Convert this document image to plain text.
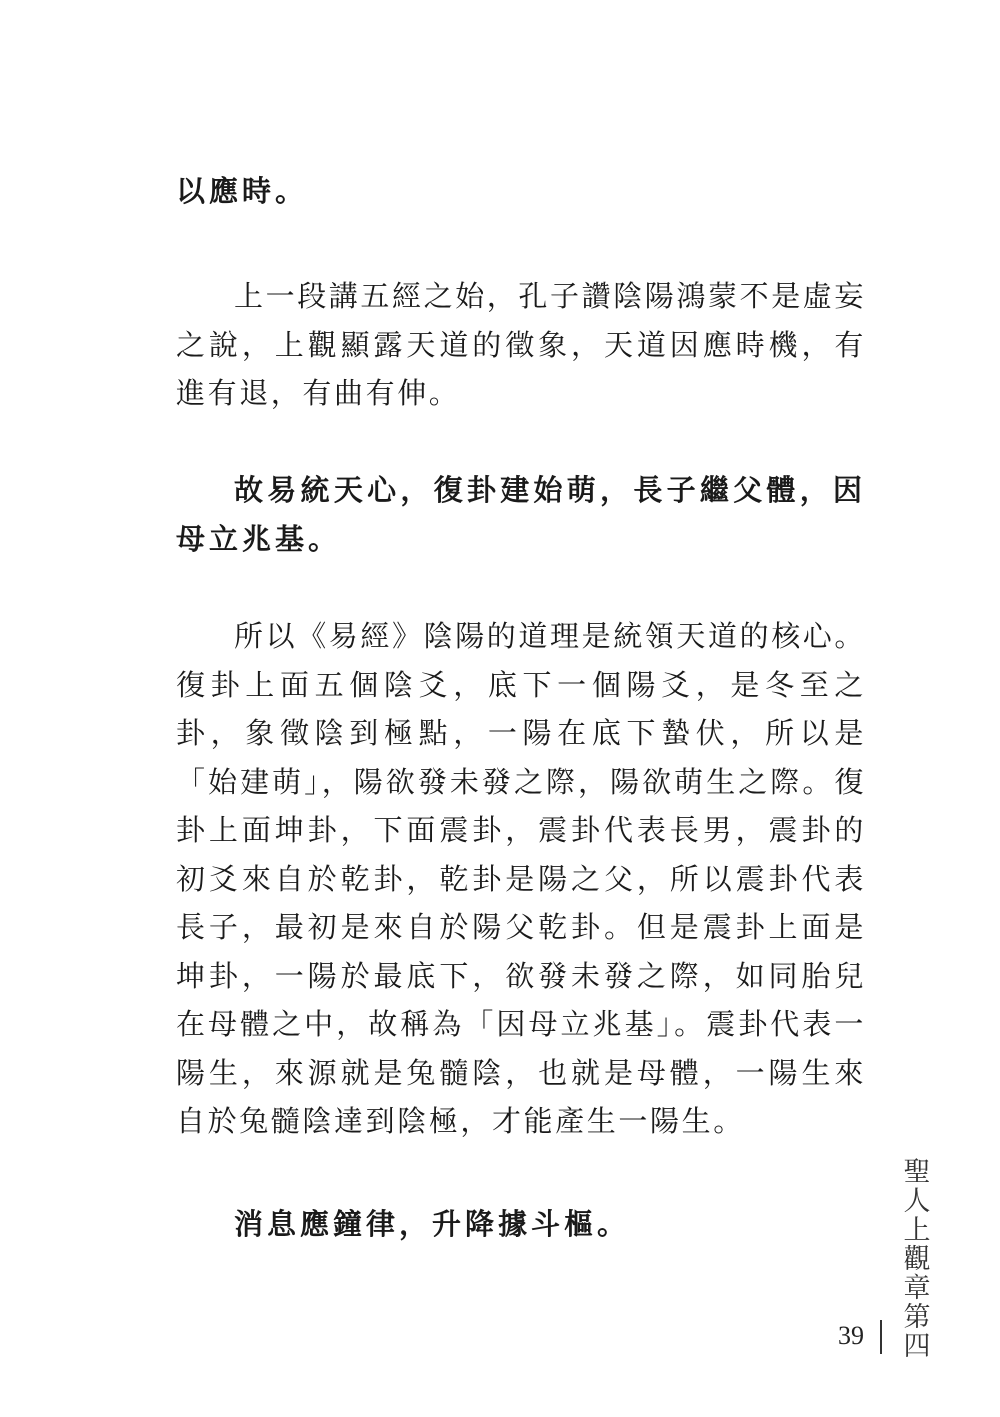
以應時。

上一段講五經之始，孔子讚陰陽鴻蒙不是虛妄之說，上觀顯露天道的徵象，天道因應時機，有進有退，有曲有伸。

故易統天心，復卦建始萌，長子繼父體，因母立兆基。

所以《易經》陰陽的道理是統領天道的核心。復卦上面五個陰爻，底下一個陽爻，是冬至之卦，象徵陰到極點，一陽在底下蟄伏，所以是「始建萌」，陽欲發未發之際，陽欲萌生之際。復卦上面坤卦，下面震卦，震卦代表長男，震卦的初爻來自於乾卦，乾卦是陽之父，所以震卦代表長子，最初是來自於陽父乾卦。但是震卦上面是坤卦，一陽於最底下，欲發未發之際，如同胎兒在母體之中，故稱為「因母立兆基」。震卦代表一陽生，來源就是兔髓陰，也就是母體，一陽生來自於兔髓陰達到陰極，才能產生一陽生。

消息應鐘律，升降據斗樞。

聖人上觀章第四
39
